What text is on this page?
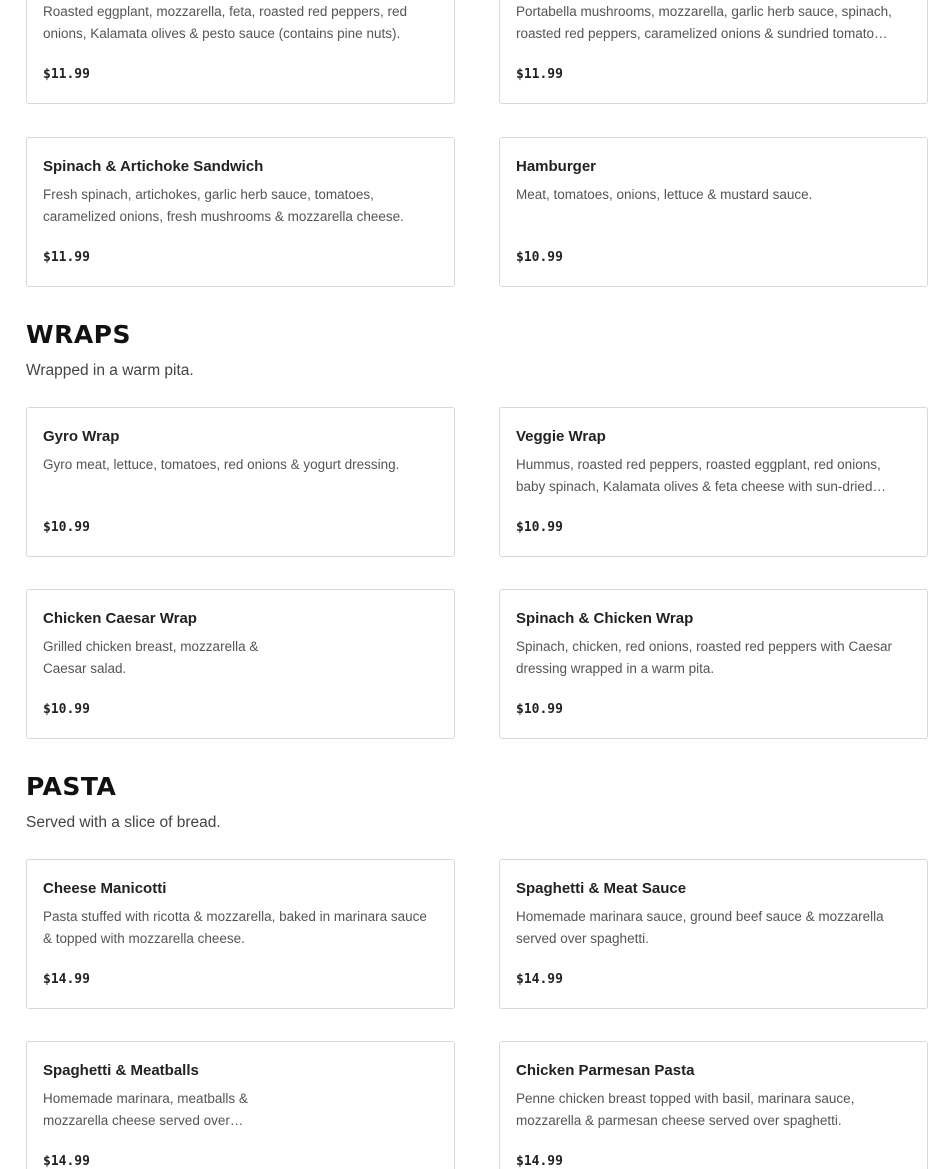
Roasted eggplant, mozzarella, feta, roasted red peppers, red onions, Kalamata olives & pesto sauce (contains pine nuts).
$11.99
Portabella mushrooms, mozzarella, garlic herb sauce, spinach, roasted red peppers, caramelized onions & sundried tomato…
$11.99
Spinach & Artichoke Sandwich
Fresh spinach, artichokes, garlic herb sauce, tomatoes, caramelized onions, fresh mushrooms & mozzarella cheese.
$11.99
Hamburger
Meat, tomatoes, onions, lettuce & mustard sauce.
$10.99
WRAPS
Wrapped in a warm pita.
Gyro Wrap
Gyro meat, lettuce, tomatoes, red onions & yogurt dressing.
$10.99
Veggie Wrap
Hummus, roasted red peppers, roasted eggplant, red onions, baby spinach, Kalamata olives & feta cheese with sun-dried…
$10.99
Chicken Caesar Wrap
Grilled chicken breast, mozzarella & Caesar salad.
$10.99
Spinach & Chicken Wrap
Spinach, chicken, red onions, roasted red peppers with Caesar dressing wrapped in a warm pita.
$10.99
PASTA
Served with a slice of bread.
Cheese Manicotti
Pasta stuffed with ricotta & mozzarella, baked in marinara sauce & topped with mozzarella cheese.
$14.99
Spaghetti & Meat Sauce
Homemade marinara sauce, ground beef sauce & mozzarella served over spaghetti.
$14.99
Spaghetti & Meatballs
Homemade marinara, meatballs & mozzarella cheese served over…
$14.99
Chicken Parmesan Pasta
Penne chicken breast topped with basil, marinara sauce, mozzarella & parmesan cheese served over spaghetti.
$14.99
